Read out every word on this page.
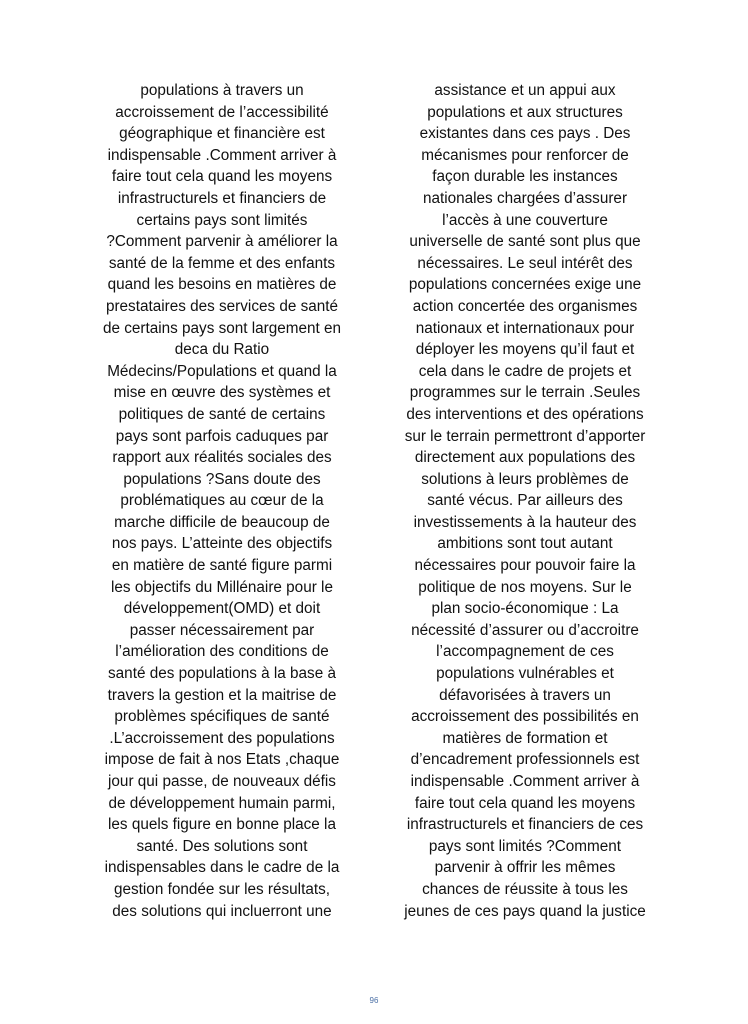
populations à travers un
accroissement de l’accessibilité
géographique et financière est
indispensable .Comment arriver à
faire tout cela quand les moyens
infrastructurels et financiers de
certains pays sont limités
?Comment parvenir à améliorer la
santé de la femme et des enfants
quand les besoins en matières de
prestataires des services de santé
de certains pays sont largement en
deca du Ratio
Médecins/Populations et quand la
mise en œuvre des systèmes et
politiques de santé de certains
pays sont parfois caduques par
rapport aux réalités sociales des
populations ?Sans doute des
problématiques au cœur de la
marche difficile de beaucoup de
nos pays. L’atteinte des objectifs
en matière de santé figure parmi
les objectifs du Millénaire pour le
développement(OMD) et doit
passer nécessairement par
l’amélioration des conditions de
santé des populations à la base à
travers la gestion et la maitrise de
problèmes spécifiques de santé
.L’accroissement des populations
impose de fait à nos Etats ,chaque
jour qui passe, de nouveaux défis
de développement humain parmi,
les quels figure en bonne place la
santé. Des solutions sont
indispensables dans le cadre de la
gestion fondée sur les résultats,
des solutions qui incluerront une
assistance et un appui aux
populations et aux structures
existantes dans ces pays . Des
mécanismes pour renforcer de
façon durable les instances
nationales chargées d’assurer
l’accès à une couverture
universelle de santé sont plus que
nécessaires. Le seul intérêt des
populations concernées exige une
action concertée des organismes
nationaux et internationaux pour
déployer les moyens qu’il faut et
cela dans le cadre de projets et
programmes sur le terrain .Seules
des interventions et des opérations
sur le terrain permettront d’apporter
directement aux populations des
solutions à leurs problèmes de
santé vécus. Par ailleurs des
investissements à la hauteur des
ambitions sont tout autant
nécessaires pour pouvoir faire la
politique de nos moyens. Sur le
plan socio-économique : La
nécessité d’assurer ou d’accroitre
l’accompagnement de ces
populations vulnérables et
défavorisées à travers un
accroissement des possibilités en
matières de formation et
d’encadrement professionnels est
indispensable .Comment arriver à
faire tout cela quand les moyens
infrastructurels et financiers de ces
pays sont limités ?Comment
parvenir à offrir les mêmes
chances de réussite à tous les
jeunes de ces pays quand la justice
96
